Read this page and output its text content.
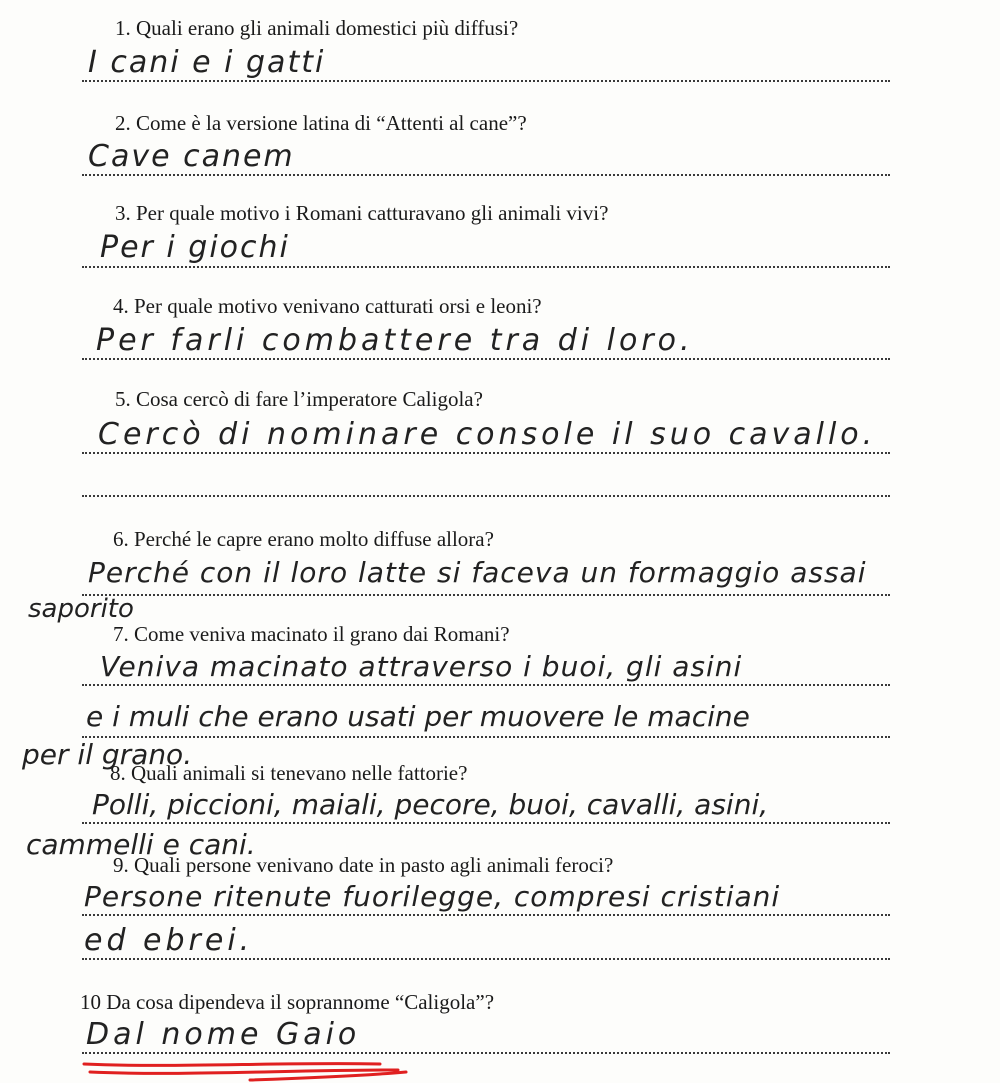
1. Quali erano gli animali domestici più diffusi?
I cani e i gatti
2. Come è la versione latina di “Attenti al cane”?
Cave canem
3. Per quale motivo i Romani catturavano gli animali vivi?
Per i giochi
4. Per quale motivo venivano catturati orsi e leoni?
Per farli combattere tra di loro.
5. Cosa cercò di fare l’imperatore Caligola?
Cercò di nominare console il suo cavallo.
6. Perché le capre erano molto diffuse allora?
Perché con il loro latte si faceva un formaggio assai
saporito
7. Come veniva macinato il grano dai Romani?
Veniva macinato attraverso i buoi, gli asini
e i muli che erano usati per muovere le macine
per il grano.
8. Quali animali si tenevano nelle fattorie?
Polli, piccioni, maiali, pecore, buoi, cavalli, asini,
cammelli e cani.
9. Quali persone venivano date in pasto agli animali feroci?
Persone ritenute fuorilegge, compresi cristiani
ed ebrei.
10 Da cosa dipendeva il soprannome “Caligola”?
Dal nome Gaio
